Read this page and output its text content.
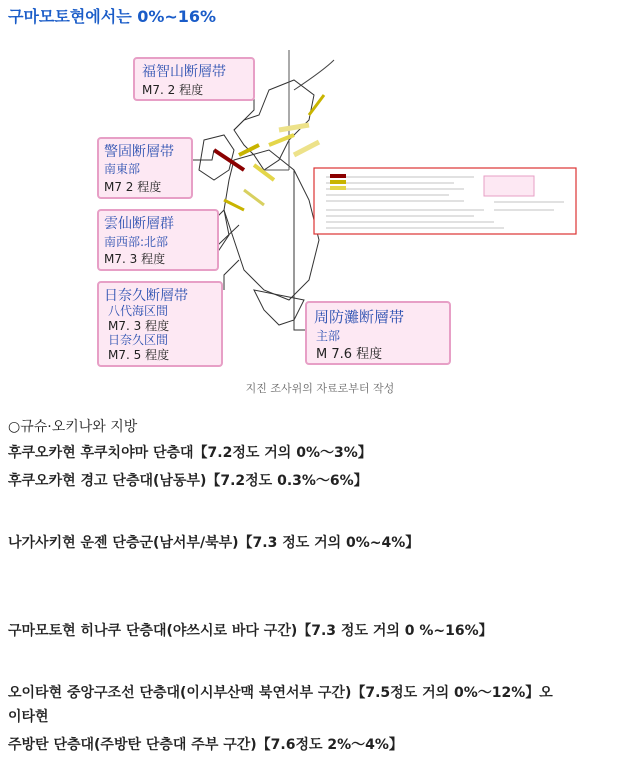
구마모토현에서는 0%~16%
福智山断層帯
M7. 2 程度
警固断層帯
南東部
M7 2 程度
雲仙断層群
南西部:北部
M7. 3 程度
日奈久断層帯
八代海区間
M7. 3 程度
日奈久区間
M7. 5 程度
周防灘断層帯
主部
M 7.6 程度
지진 조사위의 자료로부터 작성
○규슈·오키나와 지방
후쿠오카현 후쿠치야마 단층대【7.2정도 거의 0%～3%】
후쿠오카현 경고 단층대(남동부)【7.2정도 0.3%～6%】
나가사키현 운젠 단층군(남서부/북부)【7.3 정도 거의 0%~4%】
구마모토현 히나쿠 단층대(야쓰시로 바다 구간)【7.3 정도 거의 0 %~16%】
오이타현 중앙구조선 단층대(이시부산맥 북연서부 구간)【7.5정도 거의 0%～12%】오
이타현
주방탄 단층대(주방탄 단층대 주부 구간)【7.6정도 2%～4%】
